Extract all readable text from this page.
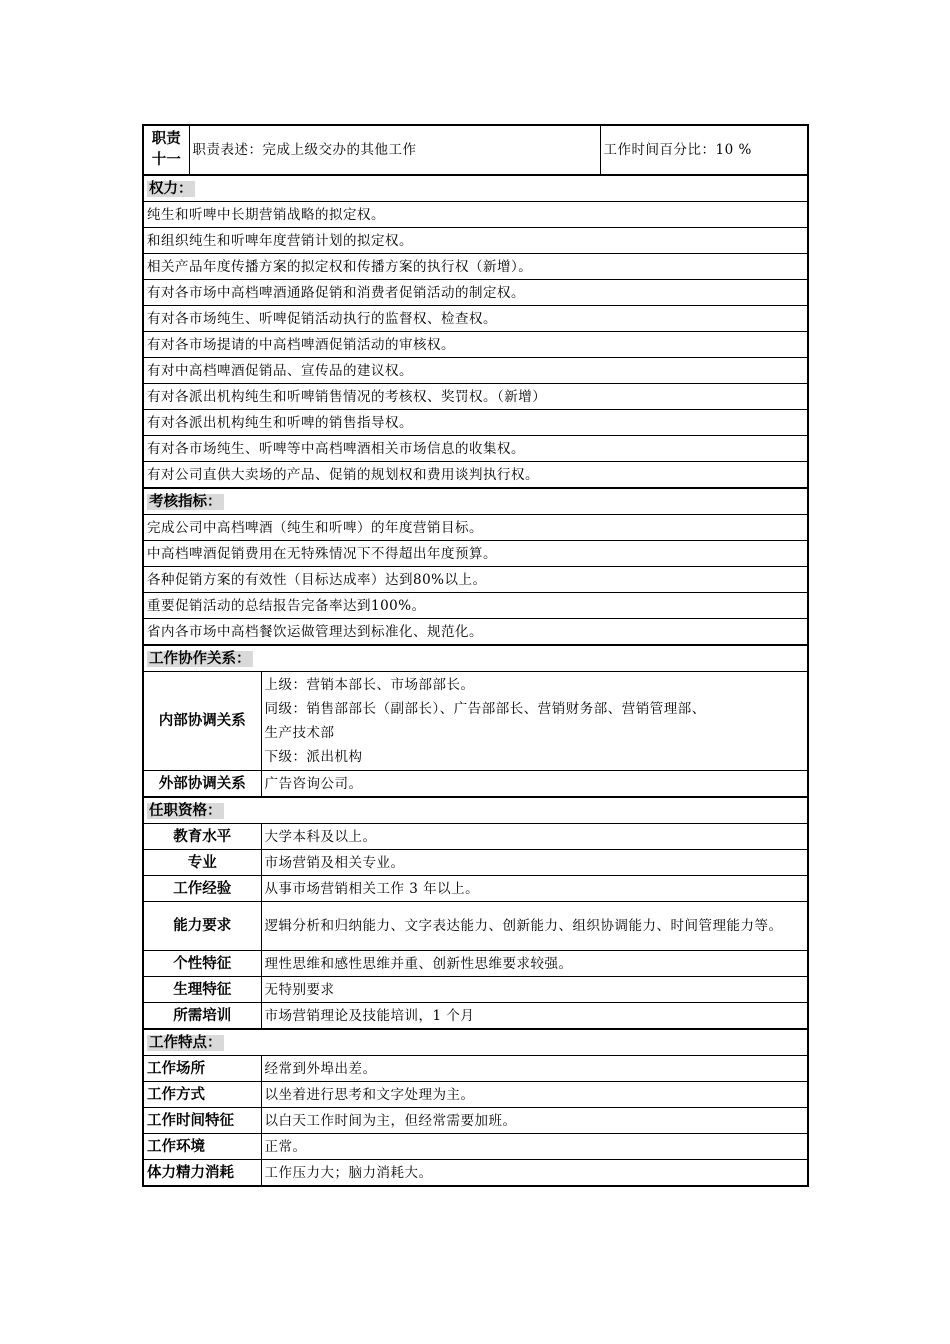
职责十一	职责表述：完成上级交办的其他工作		工作时间百分比：10 %
权力：			
纯生和听啤中长期营销战略的拟定权。			
和组织纯生和听啤年度营销计划的拟定权。			
相关产品年度传播方案的拟定权和传播方案的执行权（新增）。			
有对各市场中高档啤酒通路促销和消费者促销活动的制定权。			
有对各市场纯生、听啤促销活动执行的监督权、检查权。			
有对各市场提请的中高档啤酒促销活动的审核权。			
有对中高档啤酒促销品、宣传品的建议权。			
有对各派出机构纯生和听啤销售情况的考核权、奖罚权。（新增）			
有对各派出机构纯生和听啤的销售指导权。			
有对各市场纯生、听啤等中高档啤酒相关市场信息的收集权。			
有对公司直供大卖场的产品、促销的规划权和费用谈判执行权。			
考核指标：			
完成公司中高档啤酒（纯生和听啤）的年度营销目标。			
中高档啤酒促销费用在无特殊情况下不得超出年度预算。			
各种促销方案的有效性（目标达成率）达到80%以上。			
重要促销活动的总结报告完备率达到100%。			
省内各市场中高档餐饮运做管理达到标准化、规范化。			
工作协作关系：			
内部协调关系		上级：营销本部长、市场部部长。
同级：销售部部长（副部长）、广告部部长、营销财务部、营销管理部、
生产技术部
下级：派出机构	

外部协调关系		广告咨询公司。	
任职资格：			
教育水平		大学本科及以上。	
专业		市场营销及相关专业。	
工作经验		从事市场营销相关工作 3 年以上。	
能力要求		逻辑分析和归纳能力、文字表达能力、创新能力、组织协调能力、时间管理能力等。	
个性特征		理性思维和感性思维并重、创新性思维要求较强。	
生理特征		无特别要求	
所需培训		市场营销理论及技能培训，1 个月	
工作特点：			
工作场所		经常到外埠出差。	
工作方式		以坐着进行思考和文字处理为主。	
工作时间特征		以白天工作时间为主，但经常需要加班。	
工作环境		正常。	
体力精力消耗		工作压力大；脑力消耗大。	
